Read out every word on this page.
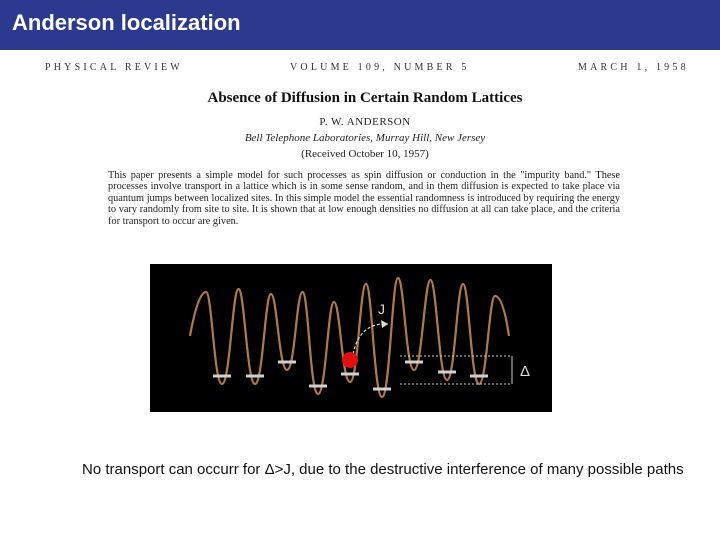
Anderson localization
PHYSICAL REVIEW	VOLUME 109, NUMBER 5	MARCH 1, 1958
Absence of Diffusion in Certain Random Lattices
P. W. ANDERSON
Bell Telephone Laboratories, Murray Hill, New Jersey
(Received October 10, 1957)
This paper presents a simple model for such processes as spin diffusion or conduction in the "impurity band." These processes involve transport in a lattice which is in some sense random, and in them diffusion is expected to take place via quantum jumps between localized sites. In this simple model the essential randomness is introduced by requiring the energy to vary randomly from site to site. It is shown that at low enough densities no diffusion at all can take place, and the criteria for transport to occur are given.
J
Δ
No transport can occurr for Δ>J, due to the destructive interference of many possible paths
